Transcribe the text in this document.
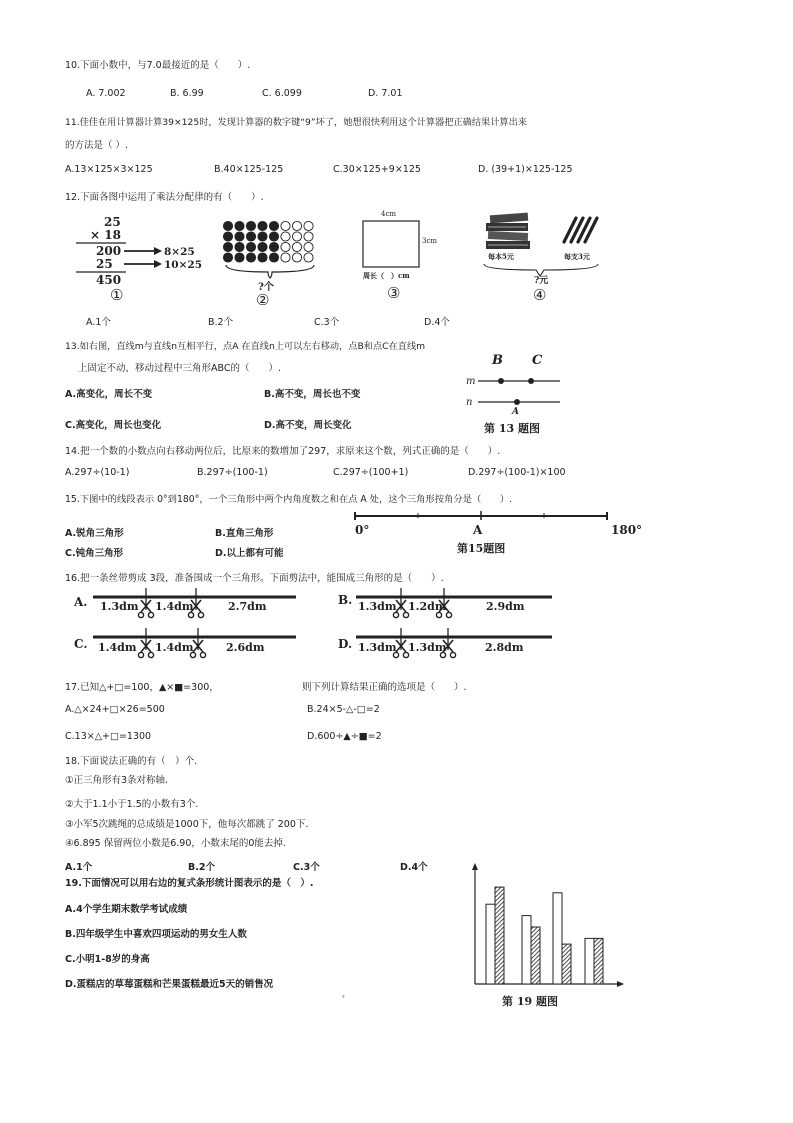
10.下面小数中，与7.0最接近的是（　　）.
A. 7.002	B. 6.99	C. 6.099	D. 7.01
11.佳佳在用计算器计算39×125时，发现计算器的数字键“9”坏了，她想很快利用这个计算器把正确结果计算出来
的方法是（ ）.
A.13×125×3×125	B.40×125-125	C.30×125+9×125	D. (39+1)×125-125
12.下面各图中运用了乘法分配律的有（　　）.
25
× 18
200
25
450
8×25
10×25
①	?个
②
4cm
3cm
周长（　）cm
③
每本5元	每支3元
?元
④
A.1个	B.2个	C.3个	D.4个
13.如右图，直线m与直线n互相平行，点A 在直线n上可以左右移动，点B和点C在直线m
上固定不动，移动过程中三角形ABC的（　　）.
A.高变化，周长不变	B.高不变，周长也不变
C.高变化，周长也变化	D.高不变，周长变化
B C
m
n
A
第 13 题图
14.把一个数的小数点向右移动两位后，比原来的数增加了297，求原来这个数，列式正确的是（　　）.
A.297÷(10-1)	B.297÷(100-1)	C.297÷(100+1)	D.297÷(100-1)×100
15.下图中的线段表示 0°到180°，一个三角形中两个内角度数之和在点 A 处，这个三角形按角分是（　　）.
A.锐角三角形	B.直角三角形
C.钝角三角形	D.以上都有可能
0°	A	180°
第15题图
16.把一条丝带剪成 3段，准备围成一个三角形。下面剪法中，能围成三角形的是（　　）.
A. 1.3dm 1.4dm	2.7dm	B. 1.3dm 1.2dm	2.9dm
C. 1.4dm 1.4dm	2.6dm	D. 1.3dm 1.3dm	2.8dm
17.已知△+□=100，▲×■=300，	则下列计算结果正确的选项是（　　）.
A.△×24+□×26=500	B.24×5-△-□=2
C.13×△+□=1300	D.600÷▲÷■=2
18.下面说法正确的有（　）个.
①正三角形有3条对称轴.
②大于1.1小于1.5的小数有3个.
③小军5次跳绳的总成绩是1000下，他每次都跳了 200下.
④6.895 保留两位小数是6.90，小数末尾的0能去掉.
A.1个	B.2个	C.3个	D.4个
19.下面情况可以用右边的复式条形统计图表示的是（　）.
A.4个学生期末数学考试成绩
B.四年级学生中喜欢四项运动的男女生人数
C.小明1-8岁的身高
D.蛋糕店的草莓蛋糕和芒果蛋糕最近5天的销售况
第 19 题图
²
